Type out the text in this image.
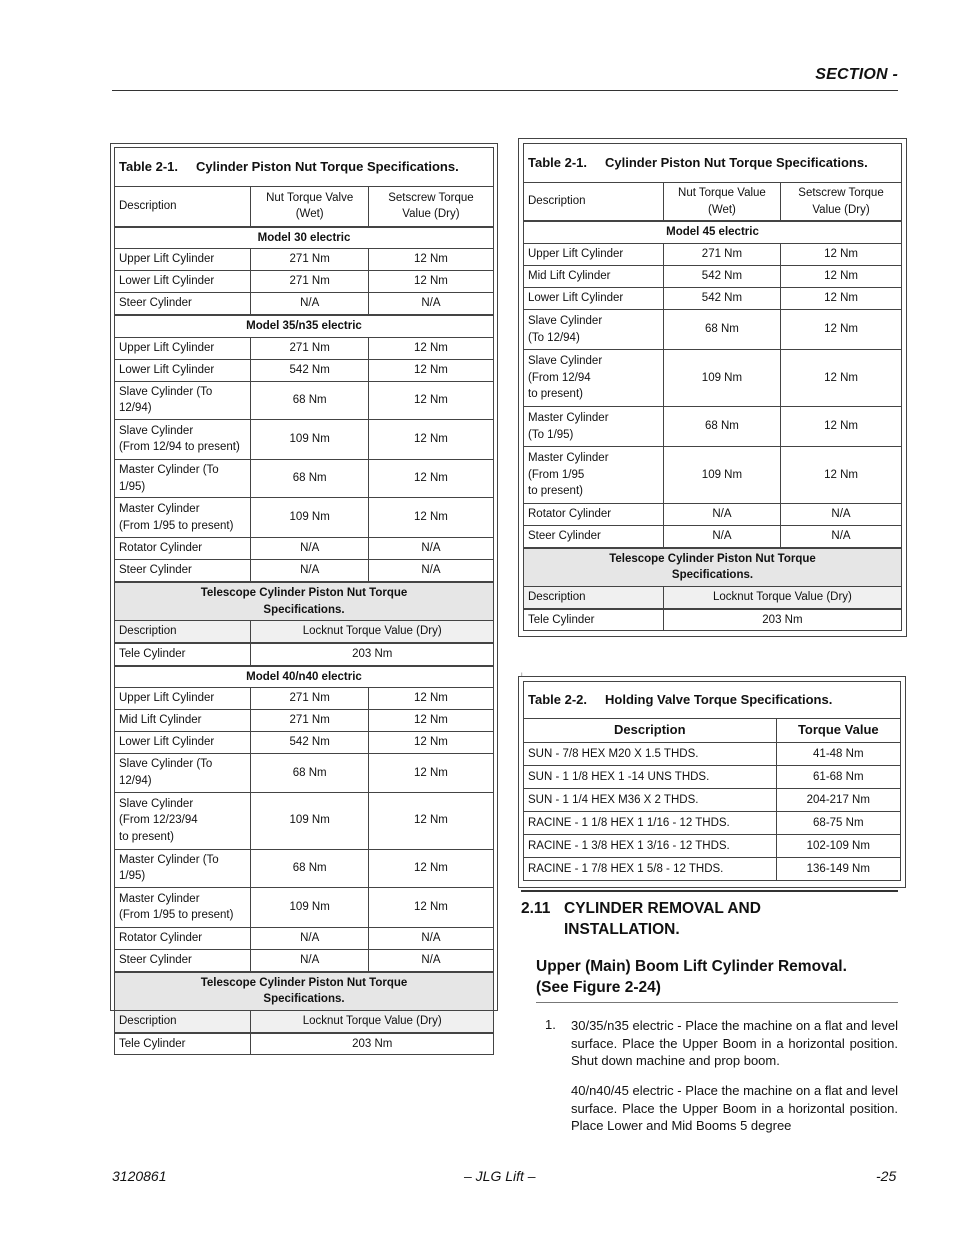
SECTION -
Table 2-1. Cylinder Piston Nut Torque Specifications.		
Description	Nut Torque Valve (Wet)	Setscrew Torque Value (Dry)
Model 30 electric		
Upper Lift Cylinder	271 Nm	12 Nm
Lower Lift Cylinder	271 Nm	12 Nm
Steer Cylinder	N/A	N/A
Model 35/n35 electric		
Upper Lift Cylinder	271 Nm	12 Nm
Lower Lift Cylinder	542 Nm	12 Nm
Slave Cylinder (To 12/94)	68 Nm	12 Nm
Slave Cylinder
(From 12/94 to present)	109 Nm	12 Nm
Master Cylinder (To 1/95)	68 Nm	12 Nm
Master Cylinder
(From 1/95 to present)	109 Nm	12 Nm
Rotator Cylinder	N/A	N/A
Steer Cylinder	N/A	N/A
Telescope Cylinder Piston Nut Torque
Specifications.		
Description	Locknut Torque Value (Dry)	
Tele Cylinder	203 Nm	
Model 40/n40 electric		
Upper Lift Cylinder	271 Nm	12 Nm
Mid Lift Cylinder	271 Nm	12 Nm
Lower Lift Cylinder	542 Nm	12 Nm
Slave Cylinder (To 12/94)	68 Nm	12 Nm
Slave Cylinder
(From 12/23/94
to present)	109 Nm	12 Nm
Master Cylinder (To 1/95)	68 Nm	12 Nm
Master Cylinder
(From 1/95 to present)	109 Nm	12 Nm
Rotator Cylinder	N/A	N/A
Steer Cylinder	N/A	N/A
Telescope Cylinder Piston Nut Torque
Specifications.		
Description	Locknut Torque Value (Dry)	
Tele Cylinder	203 Nm	
Table 2-1. Cylinder Piston Nut Torque Specifications.		
Description	Nut Torque Value (Wet)	Setscrew Torque Value (Dry)
Model 45 electric		
Upper Lift Cylinder	271 Nm	12 Nm
Mid Lift Cylinder	542 Nm	12 Nm
Lower Lift Cylinder	542 Nm	12 Nm
Slave Cylinder
(To 12/94)	68 Nm	12 Nm
Slave Cylinder
(From 12/94
to present)	109 Nm	12 Nm
Master Cylinder
(To 1/95)	68 Nm	12 Nm
Master Cylinder
(From 1/95
to present)	109 Nm	12 Nm
Rotator Cylinder	N/A	N/A
Steer Cylinder	N/A	N/A
Telescope Cylinder Piston Nut Torque
Specifications.		
Description	Locknut Torque Value (Dry)	
Tele Cylinder	203 Nm	
ı
Table 2-2. Holding Valve Torque Specifications.	
Description	Torque Value
SUN - 7/8 HEX M20 X 1.5 THDS.	41-48 Nm
SUN - 1 1/8 HEX 1 -14 UNS THDS.	61-68 Nm
SUN - 1 1/4 HEX M36 X 2 THDS.	204-217 Nm
RACINE - 1 1/8 HEX 1 1/16 - 12 THDS.	68-75 Nm
RACINE - 1 3/8 HEX 1 3/16 - 12 THDS.	102-109 Nm
RACINE - 1 7/8 HEX 1 5/8 - 12 THDS.	136-149 Nm
2.11 CYLINDER REMOVAL AND
INSTALLATION.
Upper (Main) Boom Lift Cylinder Removal.
(See Figure 2-24)
1. 30/35/n35 electric - Place the machine on a flat and level surface. Place the Upper Boom in a horizontal position. Shut down machine and prop boom.
40/n40/45 electric - Place the machine on a flat and level surface. Place the Upper Boom in a horizontal position. Place Lower and Mid Booms 5 degree
3120861	– JLG Lift –	-25
